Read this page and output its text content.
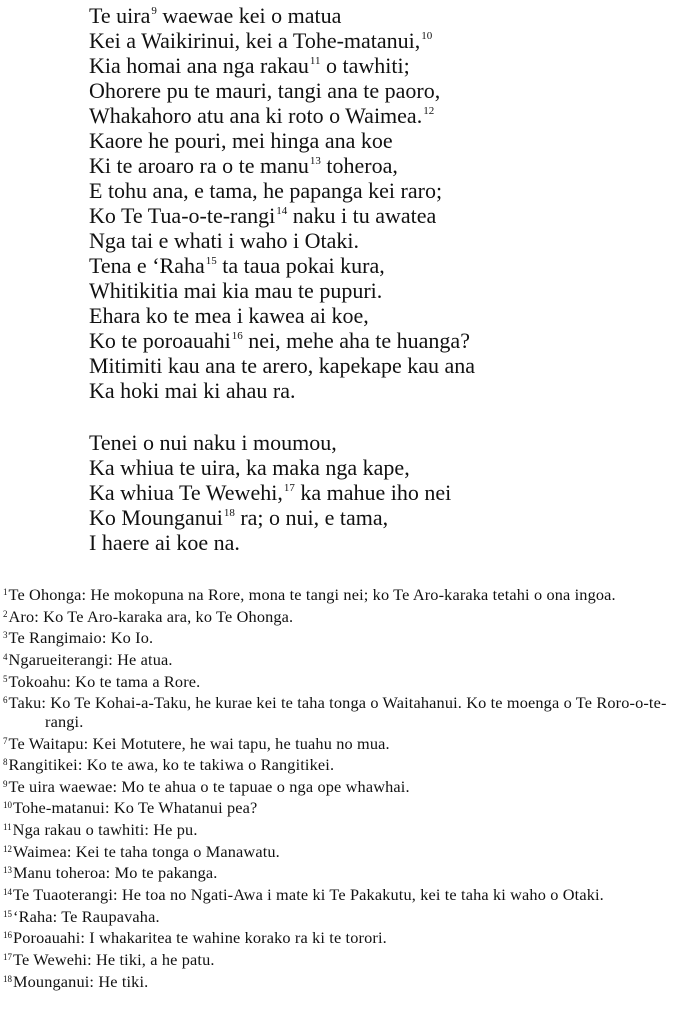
Te uira$^9$ waewae kei o matua
Kei a Waikirinui, kei a Tohe-matanui,$^{10}$
Kia homai ana nga rakau$^{11}$ o tawhiti;
Ohorere pu te mauri, tangi ana te paoro,
Whakahoro atu ana ki roto o Waimea.$^{12}$
Kaore he pouri, mei hinga ana koe
Ki te aroaro ra o te manu$^{13}$ toheroa,
E tohu ana, e tama, he papanga kei raro;
Ko Te Tua-o-te-rangi$^{14}$ naku i tu awatea
Nga tai e whati i waho i Otaki.
Tena e ‘Raha$^{15}$ ta taua pokai kura,
Whitikitia mai kia mau te pupuri.
Ehara ko te mea i kawea ai koe,
Ko te poroauahi$^{16}$ nei, mehe aha te huanga?
Mitimiti kau ana te arero, kapekape kau ana
Ka hoki mai ki ahau ra.
Tenei o nui naku i moumou,
Ka whiua te uira, ka maka nga kape,
Ka whiua Te Wewehi,$^{17}$ ka mahue iho nei
Ko Mounganui$^{18}$ ra; o nui, e tama,
I haere ai koe na.
$^1$Te Ohonga: He mokopuna na Rore, mona te tangi nei; ko Te Aro-karaka tetahi o ona ingoa.
$^2$Aro: Ko Te Aro-karaka ara, ko Te Ohonga.
$^3$Te Rangimaio: Ko Io.
$^4$Ngarueiterangi: He atua.
$^5$Tokoahu: Ko te tama a Rore.
$^6$Taku: Ko Te Kohai-a-Taku, he kurae kei te taha tonga o Waitahanui. Ko te moenga o Te Roro-o-te-rangi.
$^7$Te Waitapu: Kei Motutere, he wai tapu, he tuahu no mua.
$^8$Rangitikei: Ko te awa, ko te takiwa o Rangitikei.
$^9$Te uira waewae: Mo te ahua o te tapuae o nga ope whawhai.
$^{10}$Tohe-matanui: Ko Te Whatanui pea?
$^{11}$Nga rakau o tawhiti: He pu.
$^{12}$Waimea: Kei te taha tonga o Manawatu.
$^{13}$Manu toheroa: Mo te pakanga.
$^{14}$Te Tuaoterangi: He toa no Ngati-Awa i mate ki Te Pakakutu, kei te taha ki waho o Otaki.
$^{15}$‘Raha: Te Raupavaha.
$^{16}$Poroauahi: I whakaritea te wahine korako ra ki te torori.
$^{17}$Te Wewehi: He tiki, a he patu.
$^{18}$Mounganui: He tiki.
